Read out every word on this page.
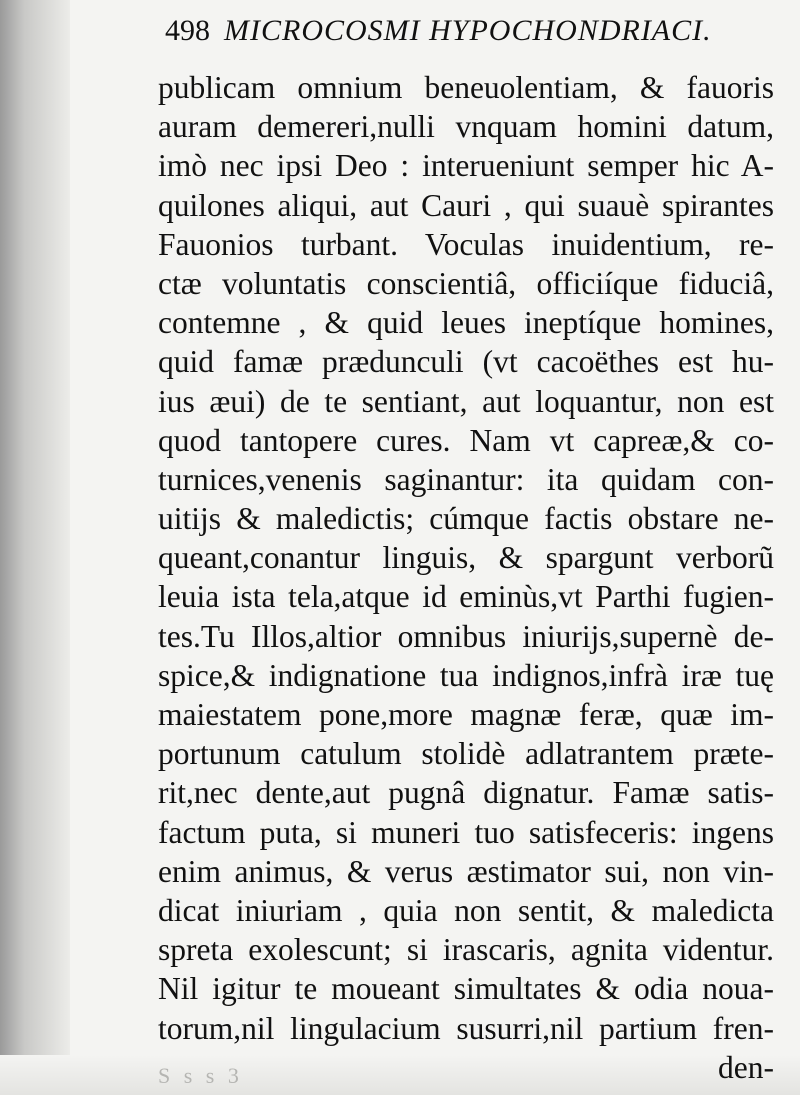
498 MICROCOSMI HYPOCHONDRIACI.
publicam omnium beneuolentiam, & fauoris
auram demereri,nulli vnquam homini datum,
imò nec ipsi Deo : interueniunt semper hic A-
quilones aliqui, aut Cauri , qui suauè spirantes
Fauonios turbant. Voculas inuidentium, re-
ctæ voluntatis conscientiâ, officiíque fiduciâ,
contemne , & quid leues ineptíque homines,
quid famæ prædunculi (vt cacoëthes est hu-
ius æui) de te sentiant, aut loquantur, non est
quod tantopere cures. Nam vt capreæ,& co-
turnices,venenis saginantur: ita quidam con-
uitijs & maledictis; cúmque factis obstare ne-
queant,conantur linguis, & spargunt verborũ
leuia ista tela,atque id eminùs,vt Parthi fugien-
tes.Tu Illos,altior omnibus iniurijs,supernè de-
spice,& indignatione tua indignos,infrà iræ tuę
maiestatem pone,more magnæ feræ, quæ im-
portunum catulum stolidè adlatrantem præte-
rit,nec dente,aut pugnâ dignatur. Famæ satis-
factum puta, si muneri tuo satisfeceris: ingens
enim animus, & verus æstimator sui, non vin-
dicat iniuriam , quia non sentit, & maledicta
spreta exolescunt; si irascaris, agnita videntur.
Nil igitur te moueant simultates & odia noua-
torum,nil lingulacium susurri,nil partium fren-
den-
S s s 3
